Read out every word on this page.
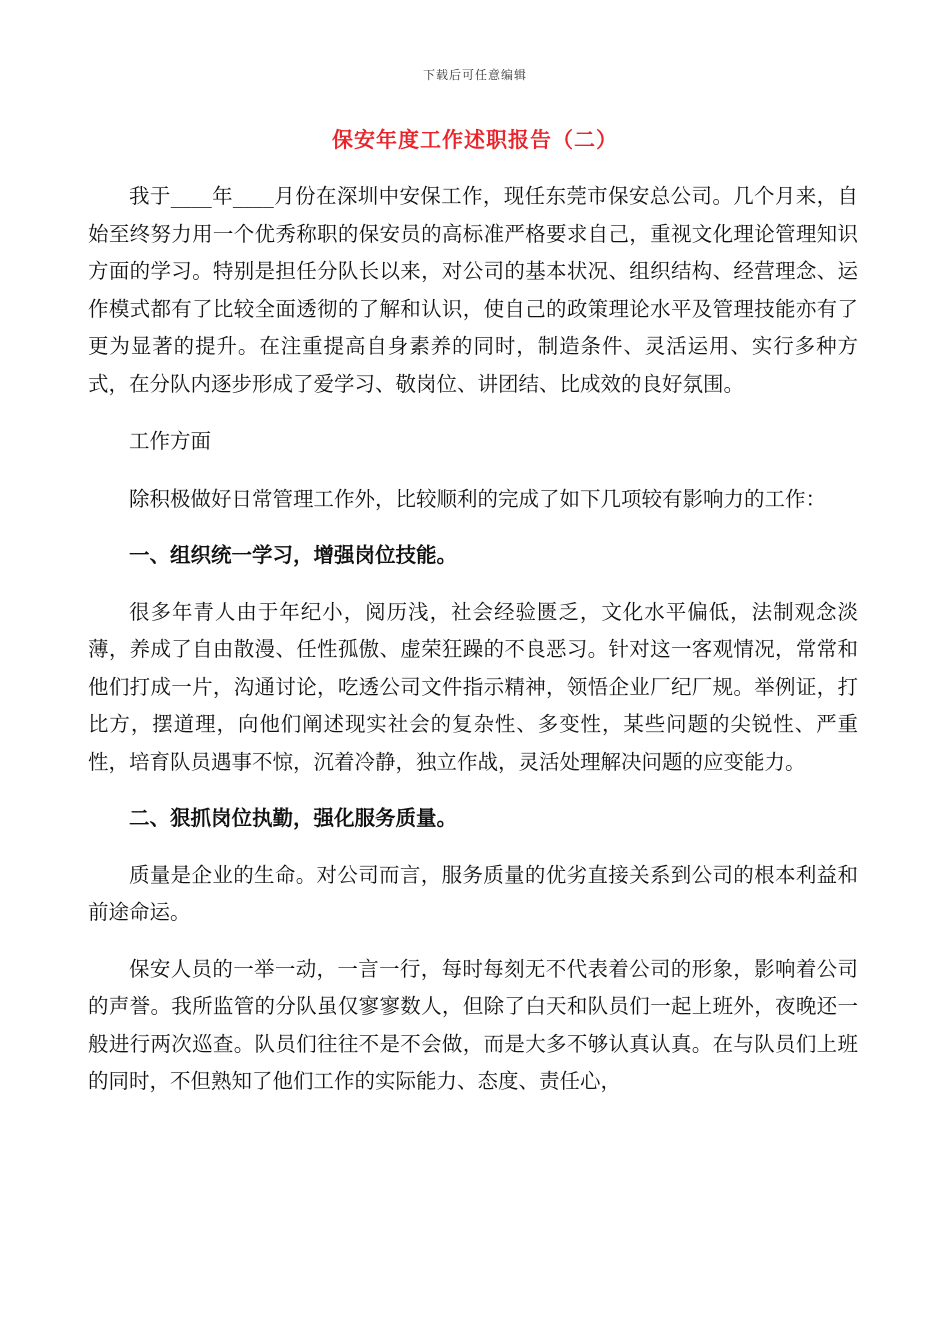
下载后可任意编辑
保安年度工作述职报告（二）

我于____年____月份在深圳中安保工作，现任东莞市保安总公司。几个月来，自始至终努力用一个优秀称职的保安员的高标准严格要求自己，重视文化理论管理知识方面的学习。特别是担任分队长以来，对公司的基本状况、组织结构、经营理念、运作模式都有了比较全面透彻的了解和认识，使自己的政策理论水平及管理技能亦有了更为显著的提升。在注重提高自身素养的同时，制造条件、灵活运用、实行多种方式，在分队内逐步形成了爱学习、敬岗位、讲团结、比成效的良好氛围。

工作方面

除积极做好日常管理工作外，比较顺利的完成了如下几项较有影响力的工作：

一、组织统一学习，增强岗位技能。

很多年青人由于年纪小，阅历浅，社会经验匮乏，文化水平偏低，法制观念淡薄，养成了自由散漫、任性孤傲、虚荣狂躁的不良恶习。针对这一客观情况，常常和他们打成一片，沟通讨论，吃透公司文件指示精神，领悟企业厂纪厂规。举例证，打比方，摆道理，向他们阐述现实社会的复杂性、多变性，某些问题的尖锐性、严重性，培育队员遇事不惊，沉着冷静，独立作战，灵活处理解决问题的应变能力。

二、狠抓岗位执勤，强化服务质量。

质量是企业的生命。对公司而言，服务质量的优劣直接关系到公司的根本利益和前途命运。

保安人员的一举一动，一言一行，每时每刻无不代表着公司的形象，影响着公司的声誉。我所监管的分队虽仅寥寥数人，但除了白天和队员们一起上班外，夜晚还一般进行两次巡查。队员们往往不是不会做，而是大多不够认真认真。在与队员们上班的同时，不但熟知了他们工作的实际能力、态度、责任心，
